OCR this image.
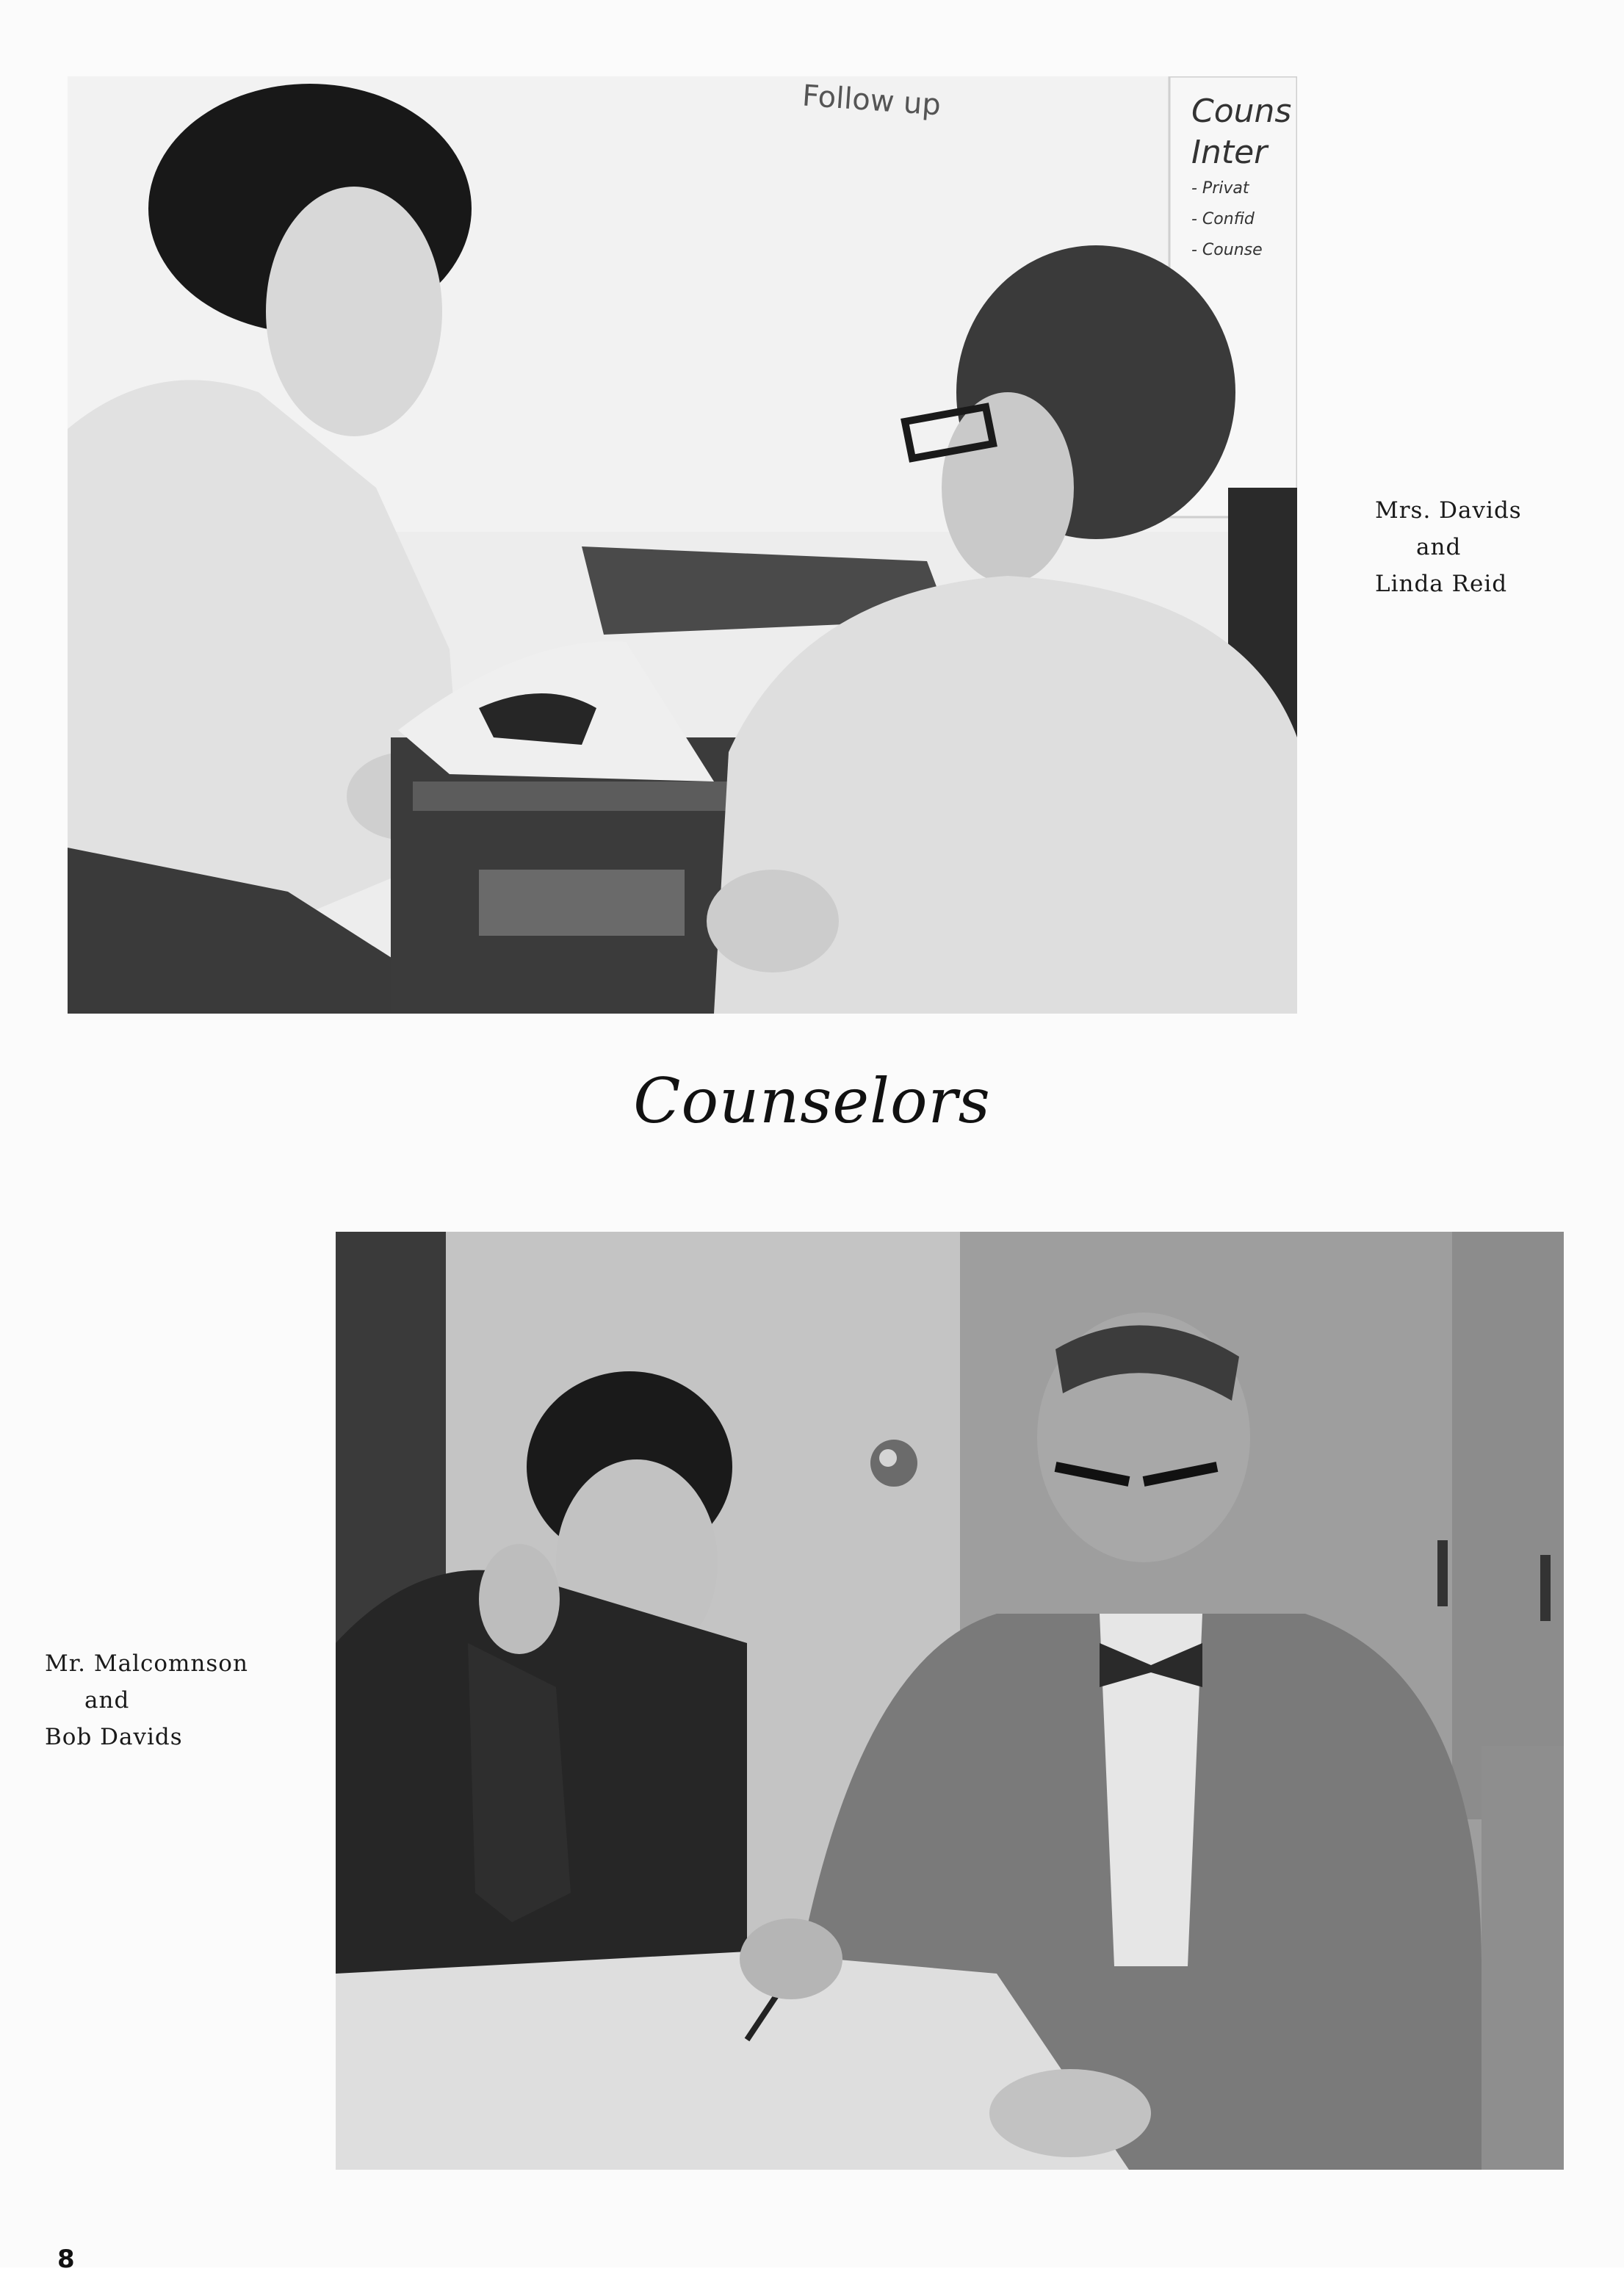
Follow up	Couns
Inter
- Privat
- Confid
- Counse
Mrs. Davids
and
Linda Reid
Counselors
Mr. Malcomnson
and
Bob Davids
8
